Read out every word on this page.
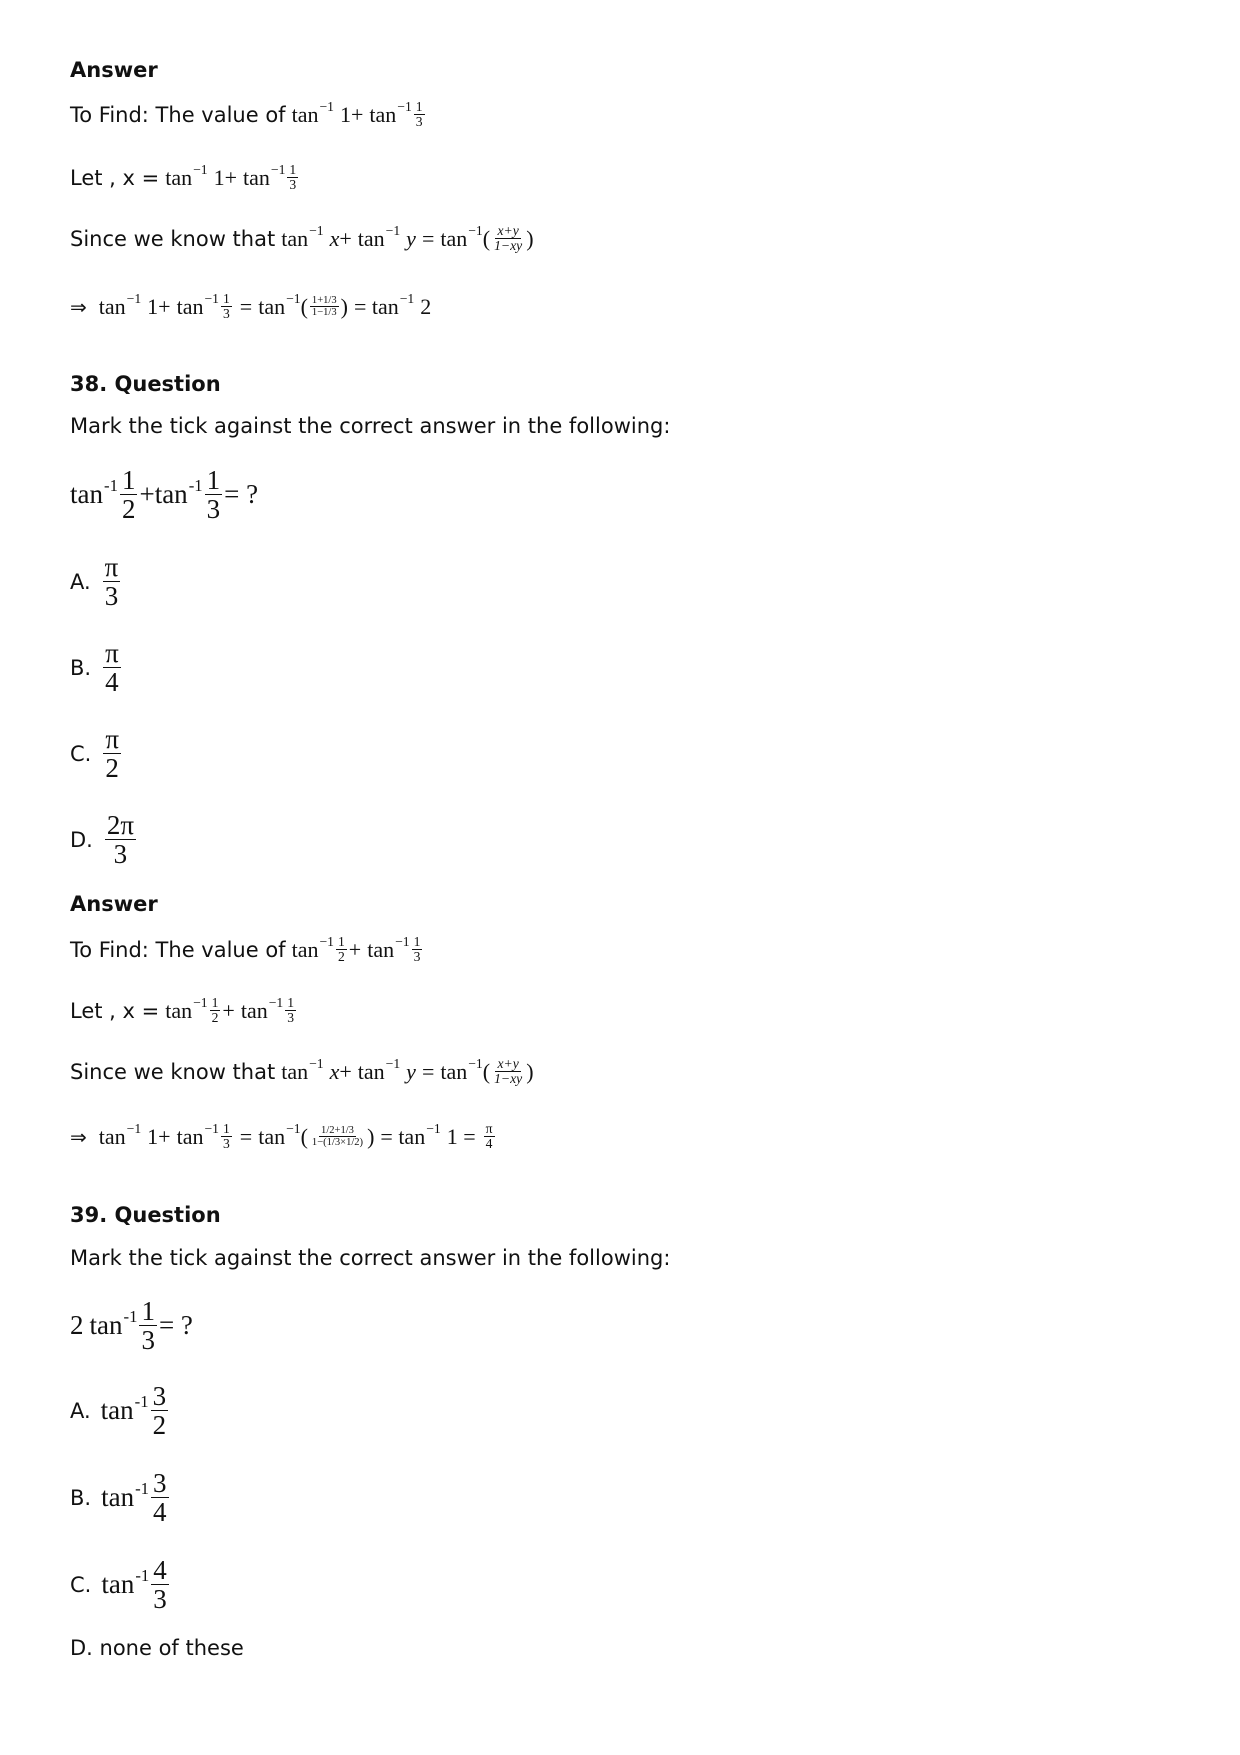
Answer
To Find: The value of tan −1 $1+ \tan -1 \frac{1}{3}$
Let , x = tan −1 $1+ \tan -1 \frac{1}{3}$
Since we know that tan −1 x + tan −1 y = tan −1 ( $\frac{x+y}{1-xy}$ )
⇒ tan −1 $1+ \tan -1 \frac{1}{3} = \tan -1$ ( $\frac{1+1/3}{1-1/3}$ ) = tan −1 2
38. Question
Mark the tick against the correct answer in the following:
$\tan -1 \frac{1}{2} + \tan -1 \frac{1}{3}$ = ?
A. $\frac{\pi}{3}$
B. $\frac{\pi}{4}$
C. $\frac{\pi}{2}$
D. $\frac{2\pi}{3}$
Answer
To Find: The value of $\tan -1 \frac{1}{2} + \tan -1 \frac{1}{3}$
Let , $x = \tan -1 \frac{1}{2} + \tan -1 \frac{1}{3}$
Since we know that tan −1 x + tan −1 y = tan −1 ( $\frac{x+y}{1-xy}$ )
⇒ tan −1 $1+ \tan -1 \frac{1}{3} = \tan -1$ ( $\frac{1/2+1/3}{1-(1/3\times 1/2)}$ ) = tan −1 $1 = \frac{\pi}{4}$
39. Question
Mark the tick against the correct answer in the following:
2 $\tan -1 \frac{1}{3}$ = ?
A. $\tan -1 \frac{3}{2}$
B. $\tan -1 \frac{3}{4}$
C. $\tan -1 \frac{4}{3}$
D. none of these
